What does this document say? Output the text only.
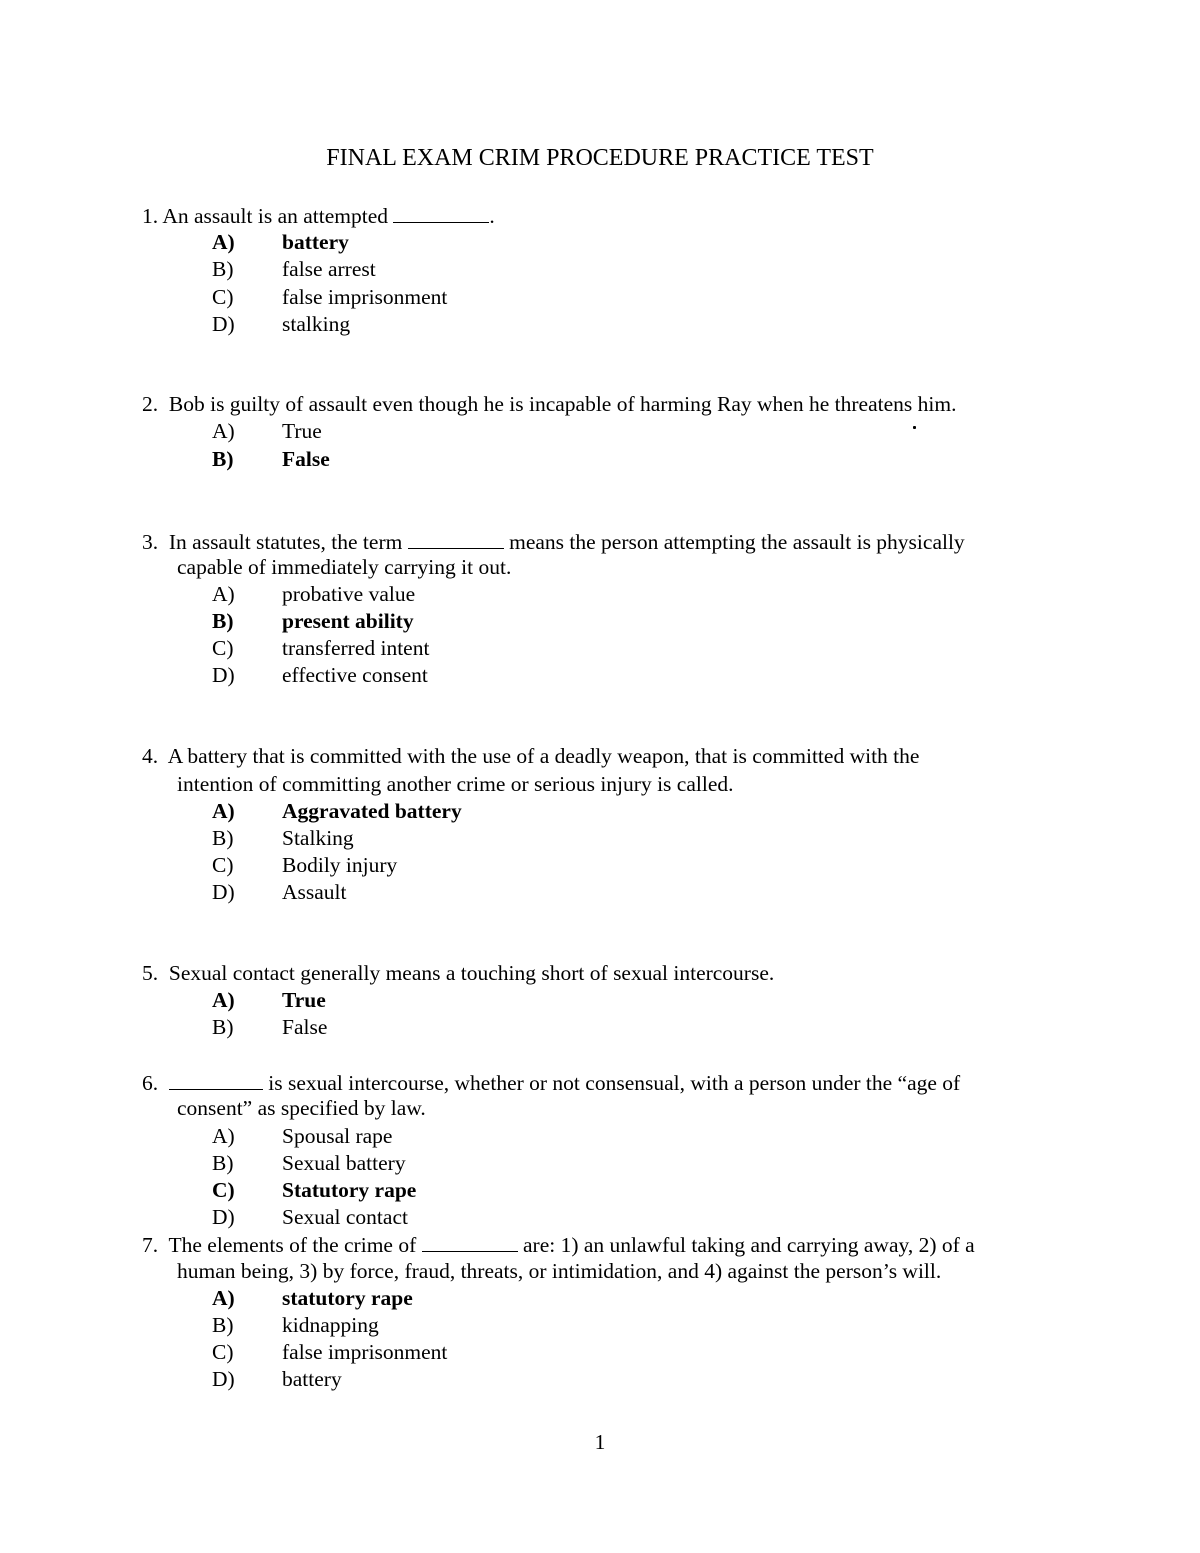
FINAL EXAM CRIM PROCEDURE PRACTICE TEST
1. An assault is an attempted	.
A) battery
B) false arrest
C) false imprisonment
D) stalking
2. Bob is guilty of assault even though he is incapable of harming Ray when he threatens him.
A) True
B) False
3. In assault statutes, the term	means the person attempting the assault is physically
capable of immediately carrying it out.
A) probative value
B) present ability
C) transferred intent
D) effective consent
4. A battery that is committed with the use of a deadly weapon, that is committed with the
intention of committing another crime or serious injury is called.
A) Aggravated battery
B) Stalking
C) Bodily injury
D) Assault
5. Sexual contact generally means a touching short of sexual intercourse.
A) True
B) False
6.	is sexual intercourse, whether or not consensual, with a person under the “age of
consent” as specified by law.
A) Spousal rape
B) Sexual battery
C) Statutory rape
D) Sexual contact
7. The elements of the crime of	are: 1) an unlawful taking and carrying away, 2) of a
human being, 3) by force, fraud, threats, or intimidation, and 4) against the person’s will.
A) statutory rape
B) kidnapping
C) false imprisonment
D) battery
1
